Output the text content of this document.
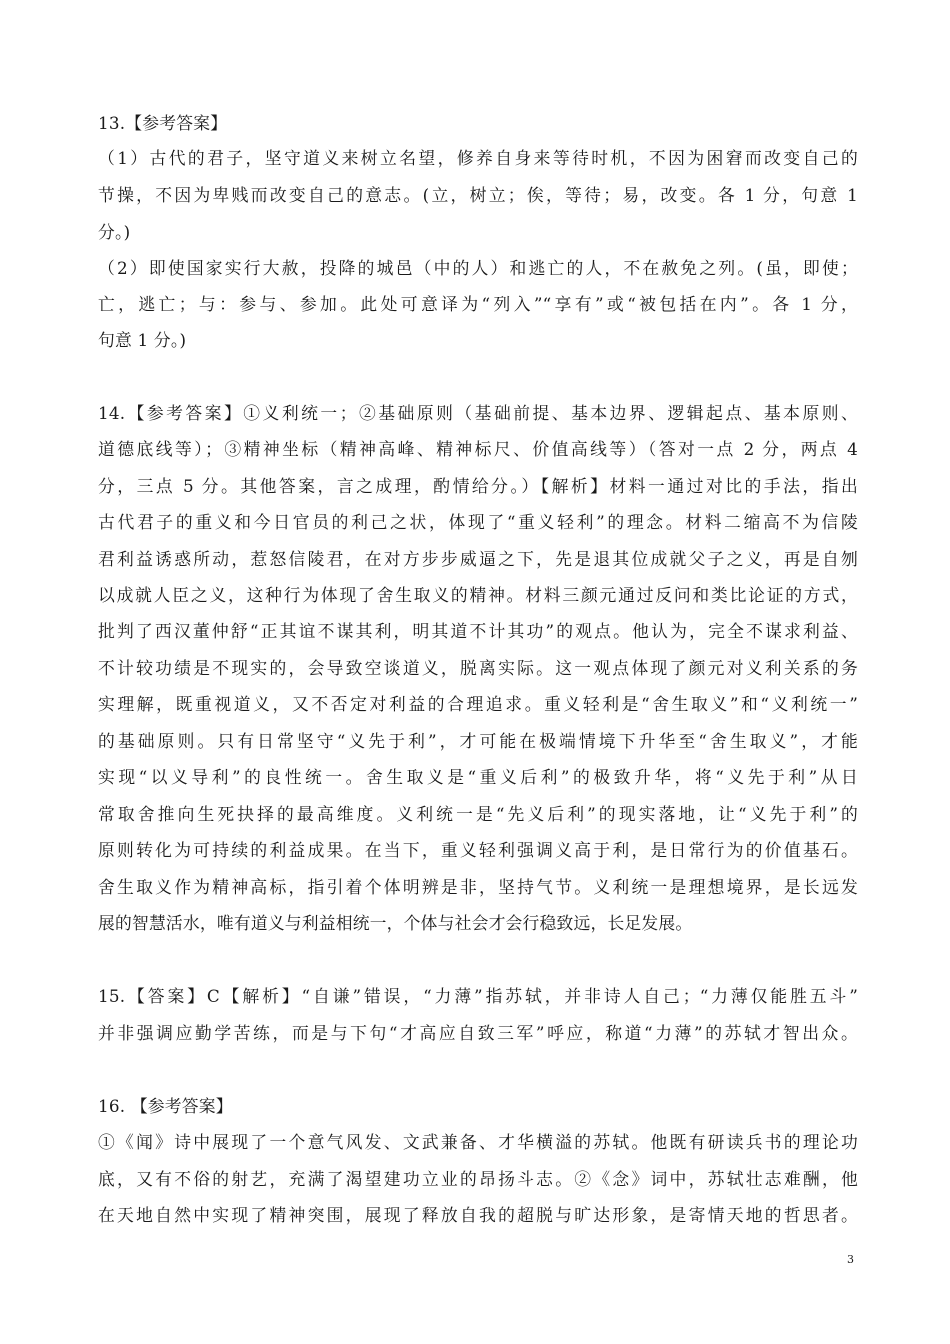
13.【参考答案】
（1）古代的君子，坚守道义来树立名望，修养自身来等待时机，不因为困窘而改变自己的
节操，不因为卑贱而改变自己的意志。(立，树立；俟，等待；易，改变。各 1 分，句意 1
分。)
（2）即使国家实行大赦，投降的城邑（中的人）和逃亡的人，不在赦免之列。(虽，即使；
亡，逃亡；与：参与、参加。此处可意译为“列入”“享有”或“被包括在内”。各 1 分，
句意 1 分。)
14.【参考答案】①义利统一；②基础原则（基础前提、基本边界、逻辑起点、基本原则、
道德底线等）；③精神坐标（精神高峰、精神标尺、价值高线等）（答对一点 2 分，两点 4
分，三点 5 分。其他答案，言之成理，酌情给分。）【解析】材料一通过对比的手法，指出
古代君子的重义和今日官员的利己之状，体现了“重义轻利”的理念。材料二缩高不为信陵
君利益诱惑所动，惹怒信陵君，在对方步步威逼之下，先是退其位成就父子之义，再是自刎
以成就人臣之义，这种行为体现了舍生取义的精神。材料三颜元通过反问和类比论证的方式，
批判了西汉董仲舒“正其谊不谋其利，明其道不计其功”的观点。他认为，完全不谋求利益、
不计较功绩是不现实的，会导致空谈道义，脱离实际。这一观点体现了颜元对义利关系的务
实理解，既重视道义，又不否定对利益的合理追求。重义轻利是“舍生取义”和“义利统一”
的基础原则。只有日常坚守“义先于利”，才可能在极端情境下升华至“舍生取义”，才能
实现“以义导利”的良性统一。舍生取义是“重义后利”的极致升华，将“义先于利”从日
常取舍推向生死抉择的最高维度。义利统一是“先义后利”的现实落地，让“义先于利”的
原则转化为可持续的利益成果。在当下，重义轻利强调义高于利，是日常行为的价值基石。
舍生取义作为精神高标，指引着个体明辨是非，坚持气节。义利统一是理想境界，是长远发
展的智慧活水，唯有道义与利益相统一，个体与社会才会行稳致远，长足发展。
15.【答案】C【解析】“自谦”错误，“力薄”指苏轼，并非诗人自己；“力薄仅能胜五斗”
并非强调应勤学苦练，而是与下句“才高应自致三军”呼应，称道“力薄”的苏轼才智出众。
16. 【参考答案】
①《闻》诗中展现了一个意气风发、文武兼备、才华横溢的苏轼。他既有研读兵书的理论功
底，又有不俗的射艺，充满了渴望建功立业的昂扬斗志。②《念》词中，苏轼壮志难酬，他
在天地自然中实现了精神突围，展现了释放自我的超脱与旷达形象，是寄情天地的哲思者。
3
